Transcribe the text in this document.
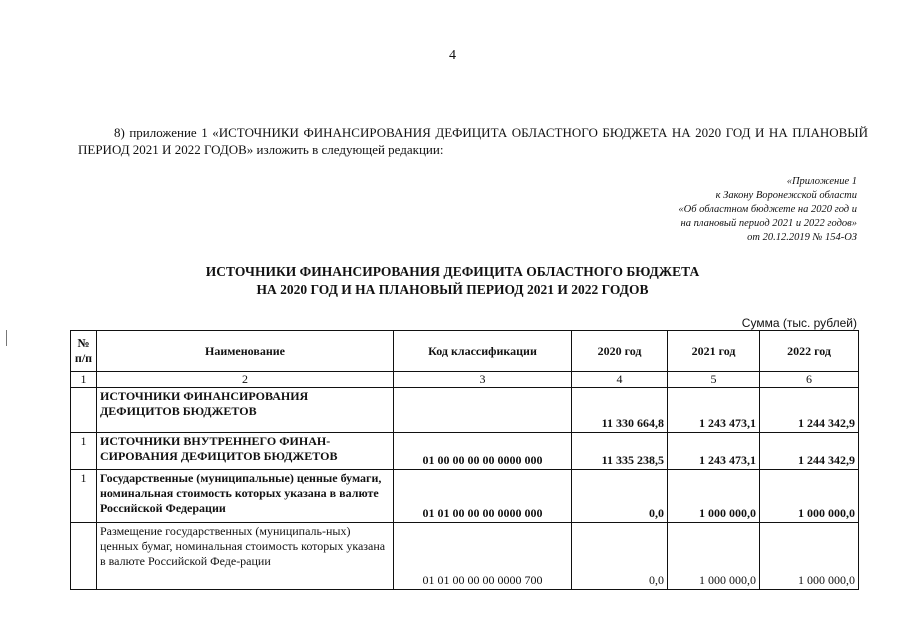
4
8) приложение 1 «ИСТОЧНИКИ ФИНАНСИРОВАНИЯ ДЕФИЦИТА ОБЛАСТНОГО БЮДЖЕТА НА 2020 ГОД И НА ПЛАНОВЫЙ ПЕРИОД 2021 И 2022 ГОДОВ» изложить в следующей редакции:
«Приложение 1
к Закону Воронежской области
«Об областном бюджете на 2020 год и
на плановый период 2021 и 2022 годов»
от 20.12.2019 № 154-ОЗ
ИСТОЧНИКИ ФИНАНСИРОВАНИЯ ДЕФИЦИТА ОБЛАСТНОГО БЮДЖЕТА
НА 2020 ГОД И НА ПЛАНОВЫЙ ПЕРИОД 2021 И 2022 ГОДОВ
Сумма (тыс. рублей)
№ п/п	Наименование	Код классификации	2020 год	2021 год	2022 год
1	2	3	4	5	6
	ИСТОЧНИКИ ФИНАНСИРОВАНИЯ ДЕФИЦИТОВ БЮДЖЕТОВ		11 330 664,8	1 243 473,1	1 244 342,9
1	ИСТОЧНИКИ ВНУТРЕННЕГО ФИНАН-СИРОВАНИЯ ДЕФИЦИТОВ БЮДЖЕТОВ	01 00 00 00 00 0000 000	11 335 238,5	1 243 473,1	1 244 342,9
1	Государственные (муниципальные) ценные бумаги, номинальная стоимость которых указана в валюте Российской Федерации	01 01 00 00 00 0000 000	0,0	1 000 000,0	1 000 000,0
	Размещение государственных (муниципаль-ных) ценных бумаг, номинальная стоимость которых указана в валюте Российской Феде-рации	01 01 00 00 00 0000 700	0,0	1 000 000,0	1 000 000,0
